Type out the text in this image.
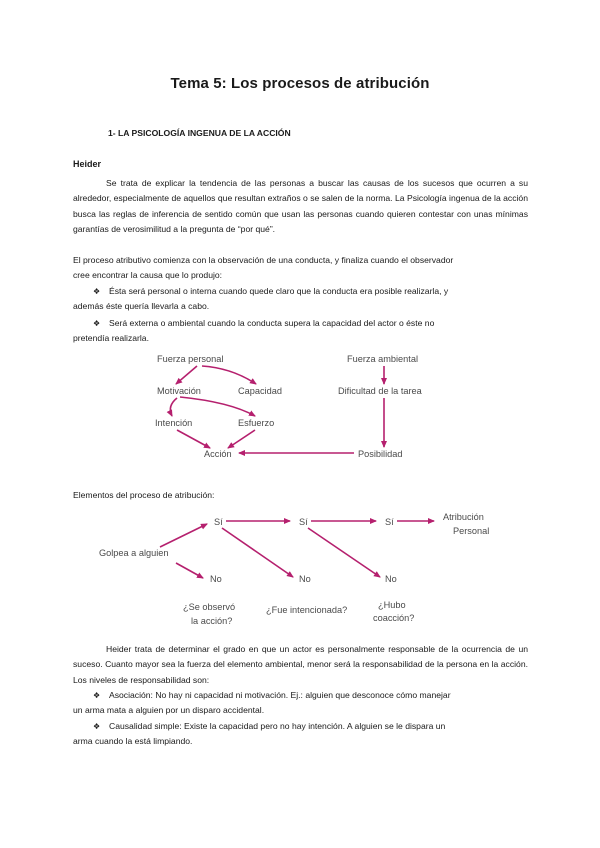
Tema 5: Los procesos de atribución
1- LA PSICOLOGÍA INGENUA DE LA ACCIÓN
Heider

Se trata de explicar la tendencia de las personas a buscar las causas de los sucesos que ocurren a su alrededor, especialmente de aquellos que resultan extraños o se salen de la norma. La Psicología ingenua de la acción busca las reglas de inferencia de sentido común que usan las personas cuando quieren contestar con unas mínimas garantías de verosimilitud a la pregunta de “por qué”.

El proceso atributivo comienza con la observación de una conducta, y finaliza cuando el observador
cree encontrar la causa que lo produjo:

❖ Ésta será personal o interna cuando quede claro que la conducta era posible realizarla, y
además éste quería llevarla a cabo.

❖ Será externa o ambiental cuando la conducta supera la capacidad del actor o éste no
pretendía realizarla.

Fuerza personal
Motivación	Capacidad
Intención	Esfuerzo
Acción
Fuerza ambiental
Dificultad de la tarea
Posibilidad
Elementos del proceso de atribución:
Golpea a alguien
Sí	Sí	Sí	Atribución
Personal
No	No	No
¿Se observó
la acción?
¿Fue intencionada?	¿Hubo
coacción?

Heider trata de determinar el grado en que un actor es personalmente responsable de la ocurrencia de un suceso. Cuanto mayor sea la fuerza del elemento ambiental, menor será la responsabilidad de la persona en la acción. Los niveles de responsabilidad son:

❖ Asociación: No hay ni capacidad ni motivación. Ej.: alguien que desconoce cómo manejar
un arma mata a alguien por un disparo accidental.

❖ Causalidad simple: Existe la capacidad pero no hay intención. A alguien se le dispara un
arma cuando la está limpiando.
